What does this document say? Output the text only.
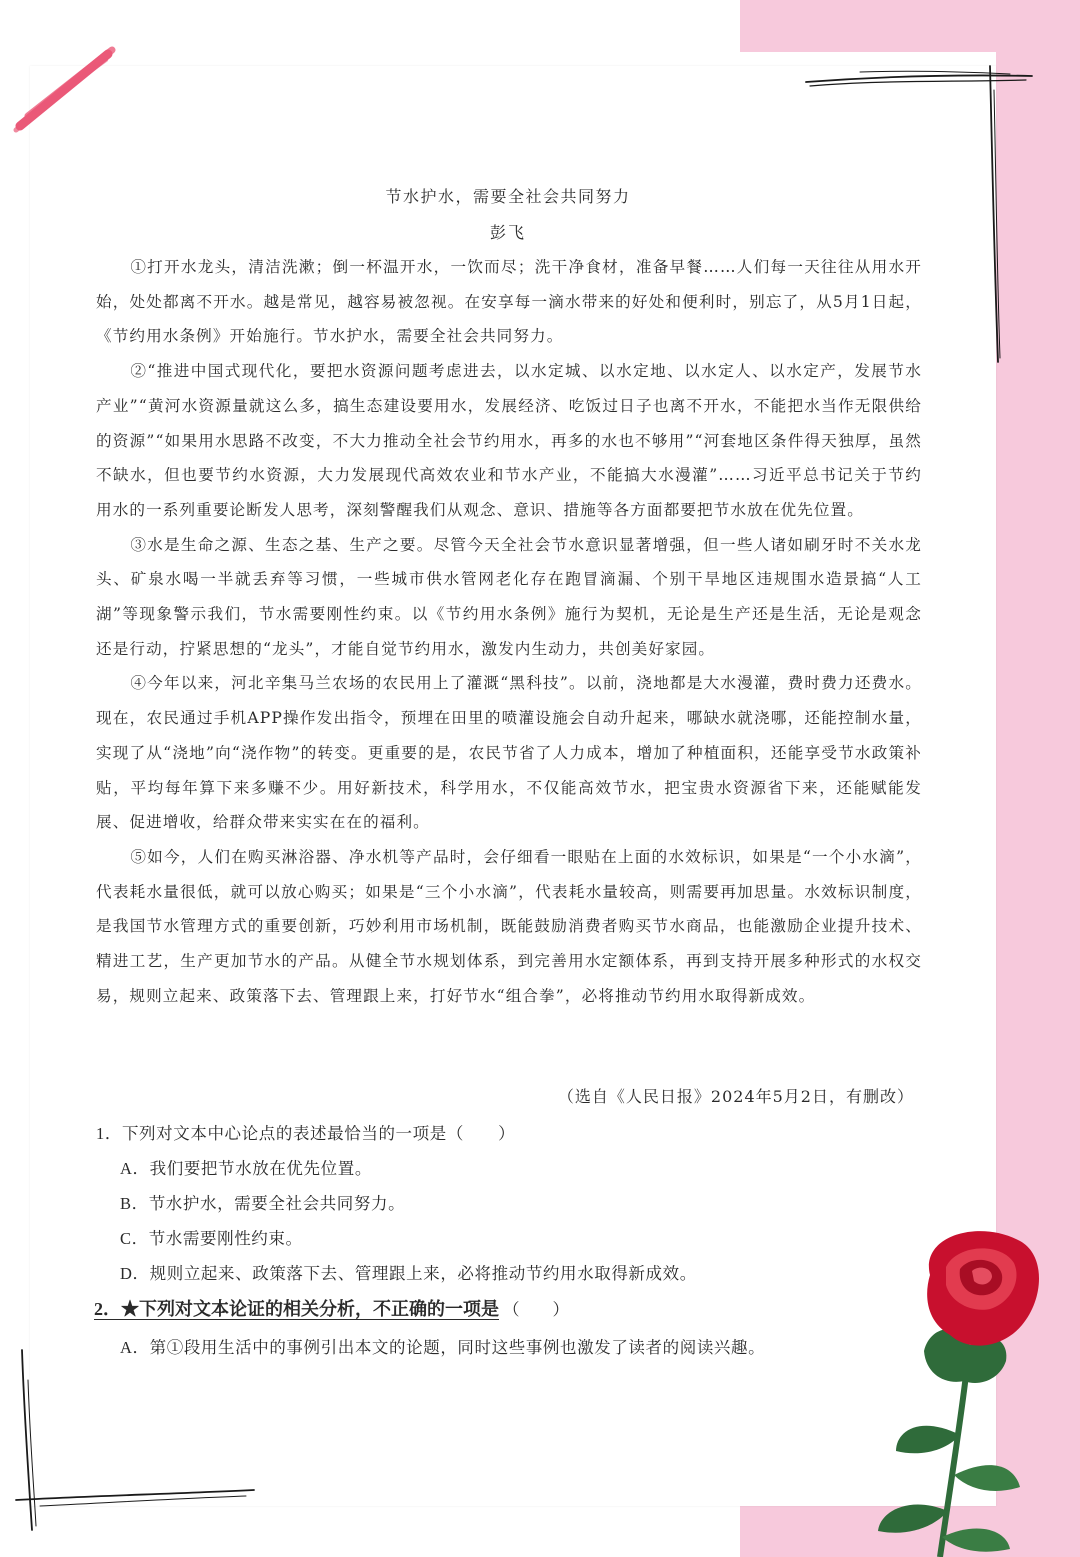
节水护水，需要全社会共同努力
彭飞

①打开水龙头，清洁洗漱；倒一杯温开水，一饮而尽；洗干净食材，准备早餐……人们每一天往往从用水开始，处处都离不开水。越是常见，越容易被忽视。在安享每一滴水带来的好处和便利时，别忘了，从5月1日起，《节约用水条例》开始施行。节水护水，需要全社会共同努力。

②“推进中国式现代化，要把水资源问题考虑进去，以水定城、以水定地、以水定人、以水定产，发展节水产业”“黄河水资源量就这么多，搞生态建设要用水，发展经济、吃饭过日子也离不开水，不能把水当作无限供给的资源”“如果用水思路不改变，不大力推动全社会节约用水，再多的水也不够用”“河套地区条件得天独厚，虽然不缺水，但也要节约水资源，大力发展现代高效农业和节水产业，不能搞大水漫灌”……习近平总书记关于节约用水的一系列重要论断发人思考，深刻警醒我们从观念、意识、措施等各方面都要把节水放在优先位置。

③水是生命之源、生态之基、生产之要。尽管今天全社会节水意识显著增强，但一些人诸如刷牙时不关水龙头、矿泉水喝一半就丢弃等习惯，一些城市供水管网老化存在跑冒滴漏、个别干旱地区违规围水造景搞“人工湖”等现象警示我们，节水需要刚性约束。以《节约用水条例》施行为契机，无论是生产还是生活，无论是观念还是行动，拧紧思想的“龙头”，才能自觉节约用水，激发内生动力，共创美好家园。

④今年以来，河北辛集马兰农场的农民用上了灌溉“黑科技”。以前，浇地都是大水漫灌，费时费力还费水。现在，农民通过手机APP操作发出指令，预埋在田里的喷灌设施会自动升起来，哪缺水就浇哪，还能控制水量，实现了从“浇地”向“浇作物”的转变。更重要的是，农民节省了人力成本，增加了种植面积，还能享受节水政策补贴，平均每年算下来多赚不少。用好新技术，科学用水，不仅能高效节水，把宝贵水资源省下来，还能赋能发展、促进增收，给群众带来实实在在的福利。

⑤如今，人们在购买淋浴器、净水机等产品时，会仔细看一眼贴在上面的水效标识，如果是“一个小水滴”，代表耗水量很低，就可以放心购买；如果是“三个小水滴”，代表耗水量较高，则需要再加思量。水效标识制度，是我国节水管理方式的重要创新，巧妙利用市场机制，既能鼓励消费者购买节水商品，也能激励企业提升技术、精进工艺，生产更加节水的产品。从健全节水规划体系，到完善用水定额体系，再到支持开展多种形式的水权交易，规则立起来、政策落下去、管理跟上来，打好节水“组合拳”，必将推动节约用水取得新成效。

（选自《人民日报》2024年5月2日，有删改）
1．下列对文本中心论点的表述最恰当的一项是（　　）
A．我们要把节水放在优先位置。
B．节水护水，需要全社会共同努力。
C．节水需要刚性约束。
D．规则立起来、政策落下去、管理跟上来，必将推动节约用水取得新成效。
2．★下列对文本论证的相关分析，不正确的一项是 （　　）
A．第①段用生活中的事例引出本文的论题，同时这些事例也激发了读者的阅读兴趣。
